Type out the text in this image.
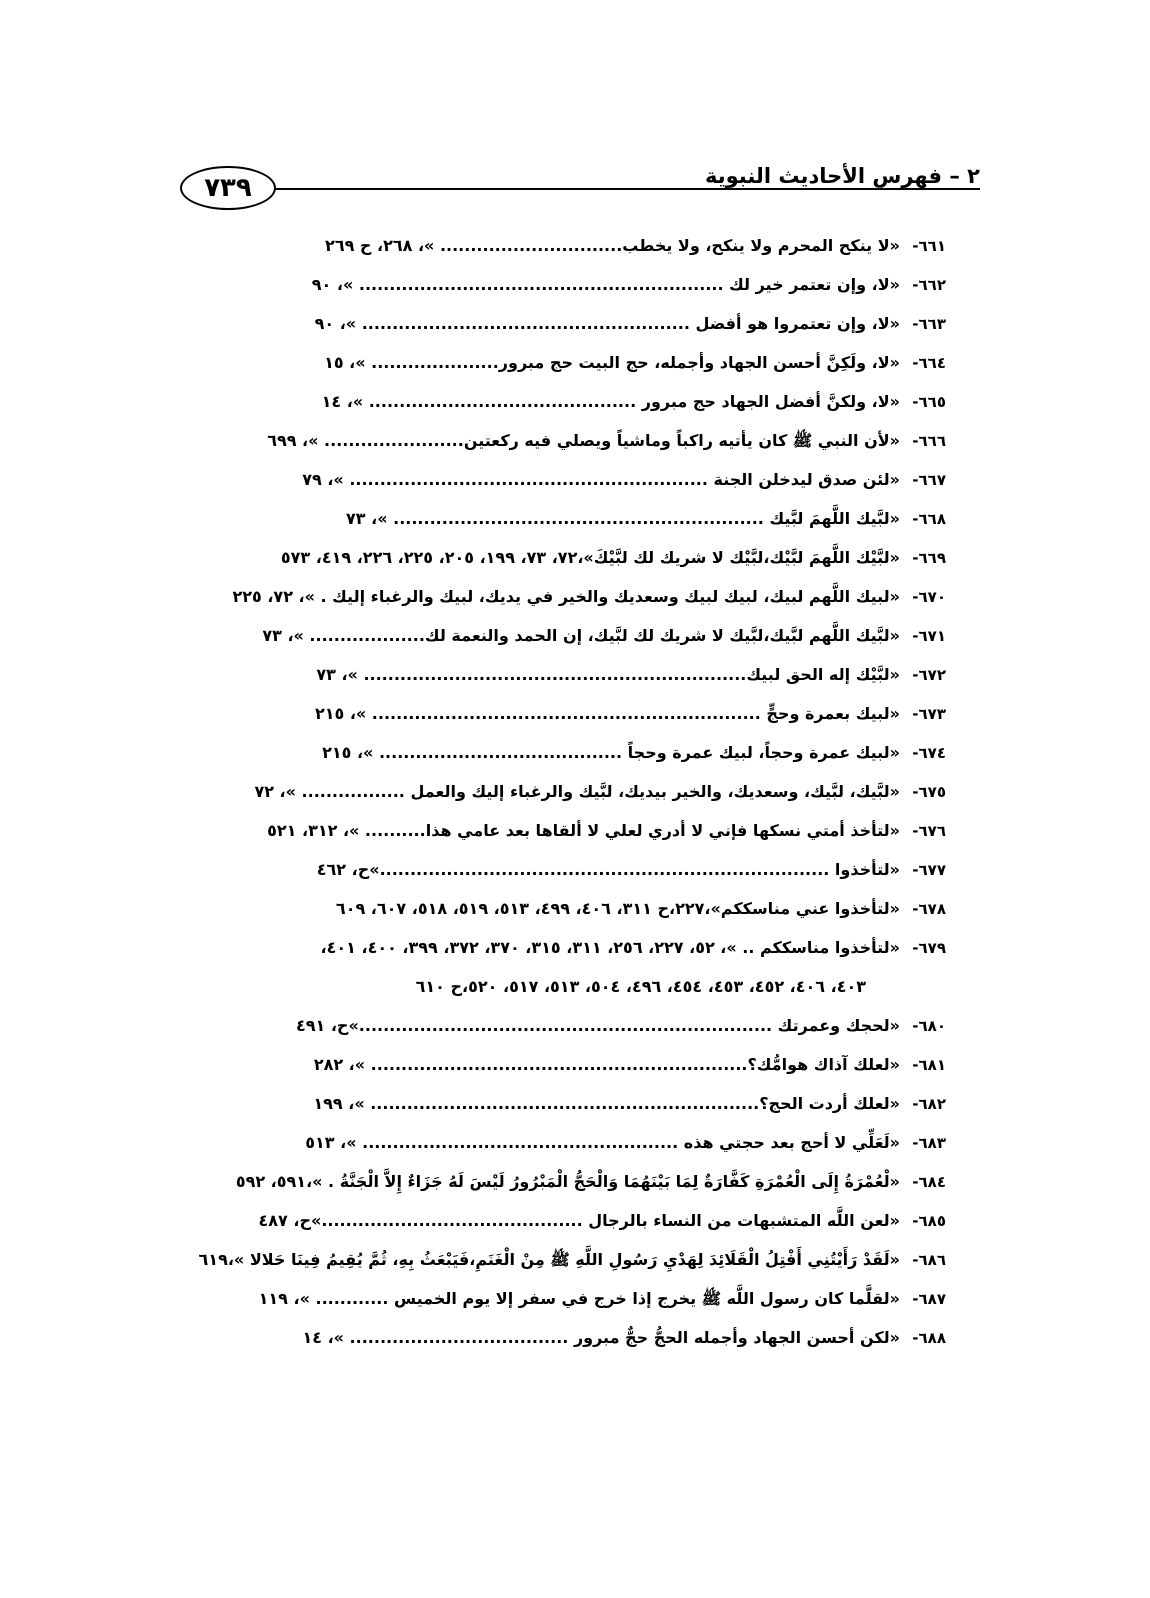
٢ – فهرس الأحاديث النبوية
٧٣٩
٦٦١-
«لا ينكح المحرم ولا ينكح، ولا يخطب.............................. »، ٢٦٨، ح ٢٦٩
٦٦٢-
«لا، وإن تعتمر خير لك ............................................................ »، ٩٠
٦٦٣-
«لا، وإن تعتمروا هو أفضل ...................................................... »، ٩٠
٦٦٤-
«لا، ولَكِنَّ أحسن الجهاد وأجمله، حج البيت حج مبرور..................... »، ١٥
٦٦٥-
«لا، ولكنَّ أفضل الجهاد حج مبرور ............................................ »، ١٤
٦٦٦-
«لأن النبي ﷺ كان يأتيه راكباً وماشياً ويصلي فيه ركعتين....................... »، ٦٩٩
٦٦٧-
«لئن صدق ليدخلن الجنة ........................................................... »، ٧٩
٦٦٨-
«لبَّيك اللَّهمَ لبَّيك ............................................................. »، ٧٣
٦٦٩-
«لبَّيْك اللَّهمَ لبَّيْك،لبَّيْك لا شريك لك لبَّيْكَ»،٧٢، ٧٣، ١٩٩، ٢٠٥، ٢٢٥، ٢٢٦، ٤١٩، ٥٧٣
٦٧٠-
«لبيك اللَّهم لبيك، لبيك لبيك وسعديك والخير في يديك، لبيك والرغباء إليك . »، ٧٢، ٢٢٥
٦٧١-
«لبَّيك اللَّهم لبَّيك،لبَّيك لا شريك لك لبَّيك، إن الحمد والنعمة لك................... »، ٧٣
٦٧٢-
«لبَّيْك إله الحق لبيك............................................................... »، ٧٣
٦٧٣-
«لبيك بعمرة وحجٍّ ................................................................ »، ٢١٥
٦٧٤-
«لبيك عمرة وحجاً، لبيك عمرة وحجاً ........................................ »، ٢١٥
٦٧٥-
«لبَّيك، لبَّيك، وسعديك، والخير بيديك، لبَّيك والرغباء إليك والعمل ................. »، ٧٢
٦٧٦-
«لتأخذ أمتي نسكها فإني لا أدري لعلي لا ألقاها بعد عامي هذا.......... »، ٣١٢، ٥٢١
٦٧٧-
«لتأخذوا ..........................................................................»ح، ٤٦٢
٦٧٨-
«لتأخذوا عني مناسككم»،٢٢٧،ح ٣١١، ٤٠٦، ٤٩٩، ٥١٣، ٥١٩، ٥١٨، ٦٠٧، ٦٠٩
٦٧٩-
«لتأخذوا مناسككم .. »، ٥٢، ٢٢٧، ٢٥٦، ٣١١، ٣١٥، ٣٧٠، ٣٧٢، ٣٩٩، ٤٠٠، ٤٠١،
٤٠٣، ٤٠٦، ٤٥٢، ٤٥٣، ٤٥٤، ٤٩٦، ٥٠٤، ٥١٣، ٥١٧، ٥٢٠،ح ٦١٠
٦٨٠-
«لحجك وعمرتك ....................................................................»ح، ٤٩١
٦٨١-
«لعلك آذاك هوامُّك؟.............................................................. »، ٢٨٢
٦٨٢-
«لعلك أردت الحج؟................................................................ »، ١٩٩
٦٨٣-
«لَعَلِّي لا أحج بعد حجتي هذه .................................................... »، ٥١٣
٦٨٤-
«لْعُمْرَةُ إِلَى الْعُمْرَةِ كَفَّارَةٌ لِمَا بَيْنَهُمَا وَالْحَجُّ الْمَبْرُورُ لَيْسَ لَهُ جَزَاءٌ إِلاَّ الْجَنَّةُ . »،٥٩١، ٥٩٢
٦٨٥-
«لعن اللَّه المتشبهات من النساء بالرجال ...........................................»ح، ٤٨٧
٦٨٦-
«لَقَدْ رَأَيْتُنِي أَفْتِلُ الْقَلَائِدَ لِهَدْيِ رَسُولِ اللَّهِ ﷺ مِنْ الْغَنَمِ،فَيَبْعَثُ بِهِ، ثُمَّ يُقِيمُ فِينَا حَلالا »،٦١٩
٦٨٧-
«لقلَّما كان رسول اللَّه ﷺ يخرج إذا خرج في سفر إلا يوم الخميس ............ »، ١١٩
٦٨٨-
«لكن أحسن الجهاد وأجمله الحجُّ حجٌّ مبرور .................................... »، ١٤
